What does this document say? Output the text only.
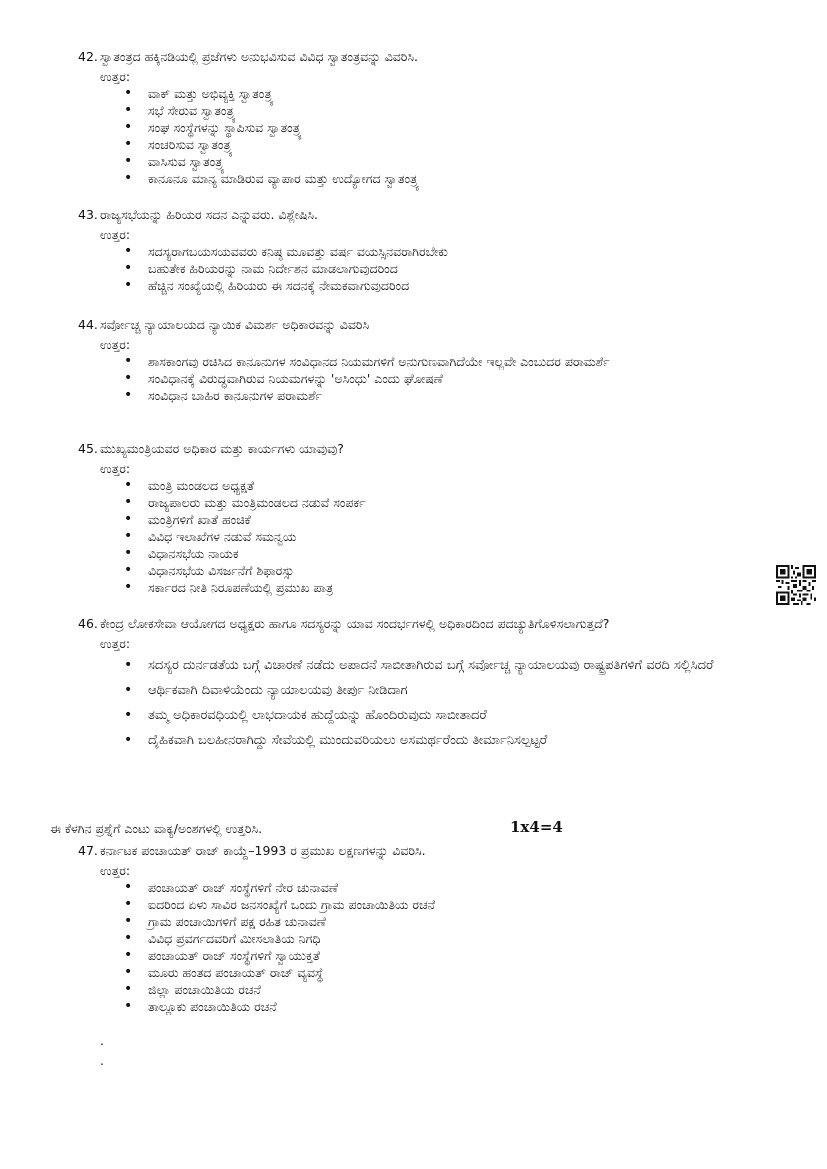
42. ಸ್ವಾತಂತ್ರದ ಹಕ್ಕಿನಡಿಯಲ್ಲಿ ಪ್ರಜೆಗಳು ಅನುಭವಿಸುವ ವಿವಿಧ ಸ್ವಾತಂತ್ರವನ್ನು ವಿವರಿಸಿ.
ಉತ್ತರ:
• ವಾಕ್ ಮತ್ತು ಅಭಿವ್ಯಕ್ತಿ ಸ್ವಾತಂತ್ರ್ಯ
• ಸಭೆ ಸೇರುವ ಸ್ವಾತಂತ್ರ್ಯ
• ಸಂಘ ಸಂಸ್ಥೆಗಳನ್ನು ಸ್ಥಾಪಿಸುವ ಸ್ವಾತಂತ್ರ್ಯ
• ಸಂಚರಿಸುವ ಸ್ವಾತಂತ್ರ್ಯ
• ವಾಸಿಸುವ ಸ್ವಾತಂತ್ರ್ಯ
• ಕಾನೂನೂ ಮಾನ್ಯ ಮಾಡಿರುವ ವ್ಯಾಪಾರ ಮತ್ತು ಉದ್ಯೋಗದ ಸ್ವಾತಂತ್ರ್ಯ
43. ರಾಜ್ಯಸಭೆಯನ್ನು ಹಿರಿಯರ ಸದನ ಎನ್ನುವರು. ವಿಶ್ಲೇಷಿಸಿ.
ಉತ್ತರ:
• ಸದಸ್ಯರಾಗಬಯಸಯವವರು ಕನಿಷ್ಠ ಮೂವತ್ತು ವರ್ಷ ವಯಸ್ಸಿನವರಾಗಿರಬೇಕು
• ಬಹುತೇಕ ಹಿರಿಯರನ್ನು ನಾಮ ನಿರ್ದೇಶನ ಮಾಡಲಾಗುವುದರಿಂದ
• ಹೆಚ್ಚಿನ ಸಂಖ್ಯೆಯಲ್ಲಿ ಹಿರಿಯರು ಈ ಸದನಕ್ಕೆ ನೇಮಕವಾಗುವುದರಿಂದ
44. ಸರ್ವೋಚ್ಚ ನ್ಯಾಯಾಲಯದ ನ್ಯಾಯಿಕ ವಿಮರ್ಶ ಅಧಿಕಾರವನ್ನು ವಿವರಿಸಿ
ಉತ್ತರ:
• ಶಾಸಕಾಂಗವು ರಚಿಸಿದ ಕಾನೂನುಗಳ ಸಂವಿಧಾನದ ನಿಯಮಗಳಿಗೆ ಅನುಗುಣವಾಗಿದೆಯೇ ಇಲ್ಲವೇ ಎಂಬುದರ ಪರಾಮರ್ಶೆ
• ಸಂವಿಧಾನಕ್ಕೆ ವಿರುದ್ಧವಾಗಿರುವ ನಿಯಮಗಳನ್ನು 'ಅಸಿಂಧು' ಎಂದು ಘೋಷಣೆ
• ಸಂವಿಧಾನ ಬಾಹಿರ ಕಾನೂನುಗಳ ಪರಾಮರ್ಶೆ
45. ಮುಖ್ಯಮಂತ್ರಿಯವರ ಅಧಿಕಾರ ಮತ್ತು ಕಾರ್ಯಗಳು ಯಾವುವು?
ಉತ್ತರ:
• ಮಂತ್ರಿ ಮಂಡಲದ ಅಧ್ಯಕ್ಷತೆ
• ರಾಜ್ಯಪಾಲರು ಮತ್ತು ಮಂತ್ರಿಮಂಡಲದ ನಡುವೆ ಸಂಪರ್ಕ
• ಮಂತ್ರಿಗಳಿಗೆ ಖಾತೆ ಹಂಚಿಕೆ
• ವಿವಿಧ ಇಲಾಖೆಗಳ ನಡುವೆ ಸಮನ್ವಯ
• ವಿಧಾನಸಭೆಯ ನಾಯಕ
• ವಿಧಾನಸಭೆಯ ವಿಸರ್ಜನೆಗೆ ಶಿಫಾರಸ್ಸು
• ಸರ್ಕಾರದ ನೀತಿ ನಿರೂಪಣೆಯಲ್ಲಿ ಪ್ರಮುಖ ಪಾತ್ರ
46. ಕೇಂದ್ರ ಲೋಕಸೇವಾ ಆಯೋಗದ ಅಧ್ಯಕ್ಷರು ಹಾಗೂ ಸದಸ್ಯರನ್ನು ಯಾವ ಸಂದರ್ಭಗಳಲ್ಲಿ ಅಧಿಕಾರದಿಂದ ಪದಚ್ಯುತಿಗೊಳಿಸಲಾಗುತ್ತದೆ?
ಉತ್ತರ:
• ಸದಸ್ಯರ ದುರ್ನಡತೆಯ ಬಗ್ಗೆ ವಿಚಾರಣೆ ನಡೆದು ಅಪಾದನೆ ಸಾಬೀತಾಗಿರುವ ಬಗ್ಗೆ ಸರ್ವೋಚ್ಚ ನ್ಯಾಯಾಲಯವು ರಾಷ್ಟ್ರಪತಿಗಳಿಗೆ ವರದಿ ಸಲ್ಲಿಸಿದರೆ
• ಆರ್ಥಿಕವಾಗಿ ದಿವಾಳಿಯೆಂದು ನ್ಯಾಯಾಲಯವು ತೀರ್ಪು ನೀಡಿದಾಗ
• ತಮ್ಮ ಅಧಿಕಾರವಧಿಯಲ್ಲಿ ಲಾಭದಾಯಕ ಹುದ್ದೆಯನ್ನು ಹೊಂದಿರುವುದು ಸಾಬೀತಾದರೆ
• ದೈಹಿಕವಾಗಿ ಬಲಹೀನರಾಗಿದ್ದು ಸೇವೆಯಲ್ಲಿ ಮುಂದುವರಿಯಲು ಅಸಮರ್ಥರೆಂದು ತೀರ್ಮಾನಿಸಲ್ಪಟ್ಟರೆ
ಈ ಕೆಳಗಿನ ಪ್ರಶ್ನೆಗೆ ಎಂಟು ವಾಕ್ಯ/ಅಂಶಗಳಲ್ಲಿ ಉತ್ತರಿಸಿ.	1x4=4
47. ಕರ್ನಾಟಕ ಪಂಚಾಯತ್ ರಾಜ್ ಕಾಯ್ದೆ–1993 ರ ಪ್ರಮುಖ ಲಕ್ಷಣಗಳನ್ನು ವಿವರಿಸಿ.
ಉತ್ತರ:
• ಪಂಚಾಯತ್ ರಾಜ್ ಸಂಸ್ಥೆಗಳಿಗೆ ನೇರ ಚುನಾವಣೆ
• ಐದರಿಂದ ಏಳು ಸಾವಿರ ಜನಸಂಖ್ಯೆಗೆ ಒಂದು ಗ್ರಾಮ ಪಂಚಾಯಿತಿಯ ರಚನೆ
• ಗ್ರಾಮ ಪಂಚಾಯಿಗಳಿಗೆ ಪಕ್ಷ ರಹಿತ ಚುನಾವಣೆ
• ವಿವಿಧ ಪ್ರವರ್ಗದವರಿಗೆ ಮೀಸಲಾತಿಯ ನಿಗಧಿ
• ಪಂಚಾಯತ್ ರಾಜ್ ಸಂಸ್ಥೆಗಳಿಗೆ ಸ್ವಾಯುಕ್ತತೆ
• ಮೂರು ಹಂತದ ಪಂಚಾಯತ್ ರಾಜ್ ವ್ಯವಸ್ಥೆ
• ಜಿಲ್ಲಾ ಪಂಚಾಯಿತಿಯ ರಚನೆ
• ತಾಲ್ಲೂಕು ಪಂಚಾಯಿತಿಯ ರಚನೆ
.
.
